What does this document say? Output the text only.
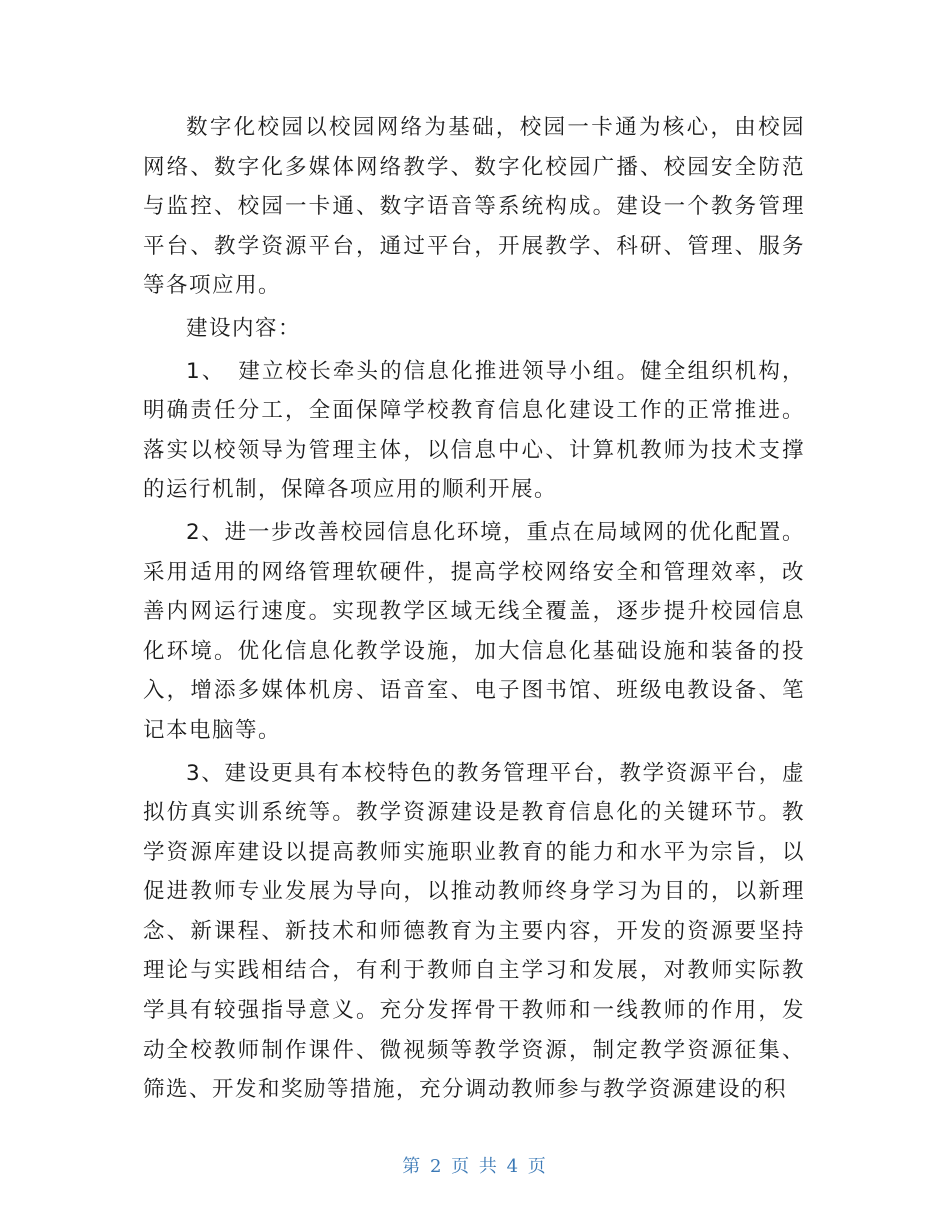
数字化校园以校园网络为基础，校园一卡通为核心，由校园网络、数字化多媒体网络教学、数字化校园广播、校园安全防范与监控、校园一卡通、数字语音等系统构成。建设一个教务管理平台、教学资源平台，通过平台，开展教学、科研、管理、服务等各项应用。

建设内容：

1、　建立校长牵头的信息化推进领导小组。健全组织机构，明确责任分工，全面保障学校教育信息化建设工作的正常推进。落实以校领导为管理主体，以信息中心、计算机教师为技术支撑的运行机制，保障各项应用的顺利开展。

2、进一步改善校园信息化环境，重点在局域网的优化配置。采用适用的网络管理软硬件，提高学校网络安全和管理效率，改善内网运行速度。实现教学区域无线全覆盖，逐步提升校园信息化环境。优化信息化教学设施，加大信息化基础设施和装备的投入，增添多媒体机房、语音室、电子图书馆、班级电教设备、笔记本电脑等。

3、建设更具有本校特色的教务管理平台，教学资源平台，虚拟仿真实训系统等。教学资源建设是教育信息化的关键环节。教学资源库建设以提高教师实施职业教育的能力和水平为宗旨，以促进教师专业发展为导向，以推动教师终身学习为目的，以新理念、新课程、新技术和师德教育为主要内容，开发的资源要坚持理论与实践相结合，有利于教师自主学习和发展，对教师实际教学具有较强指导意义。充分发挥骨干教师和一线教师的作用，发动全校教师制作课件、微视频等教学资源，制定教学资源征集、筛选、开发和奖励等措施，充分调动教师参与教学资源建设的积

第 2 页 共 4 页
